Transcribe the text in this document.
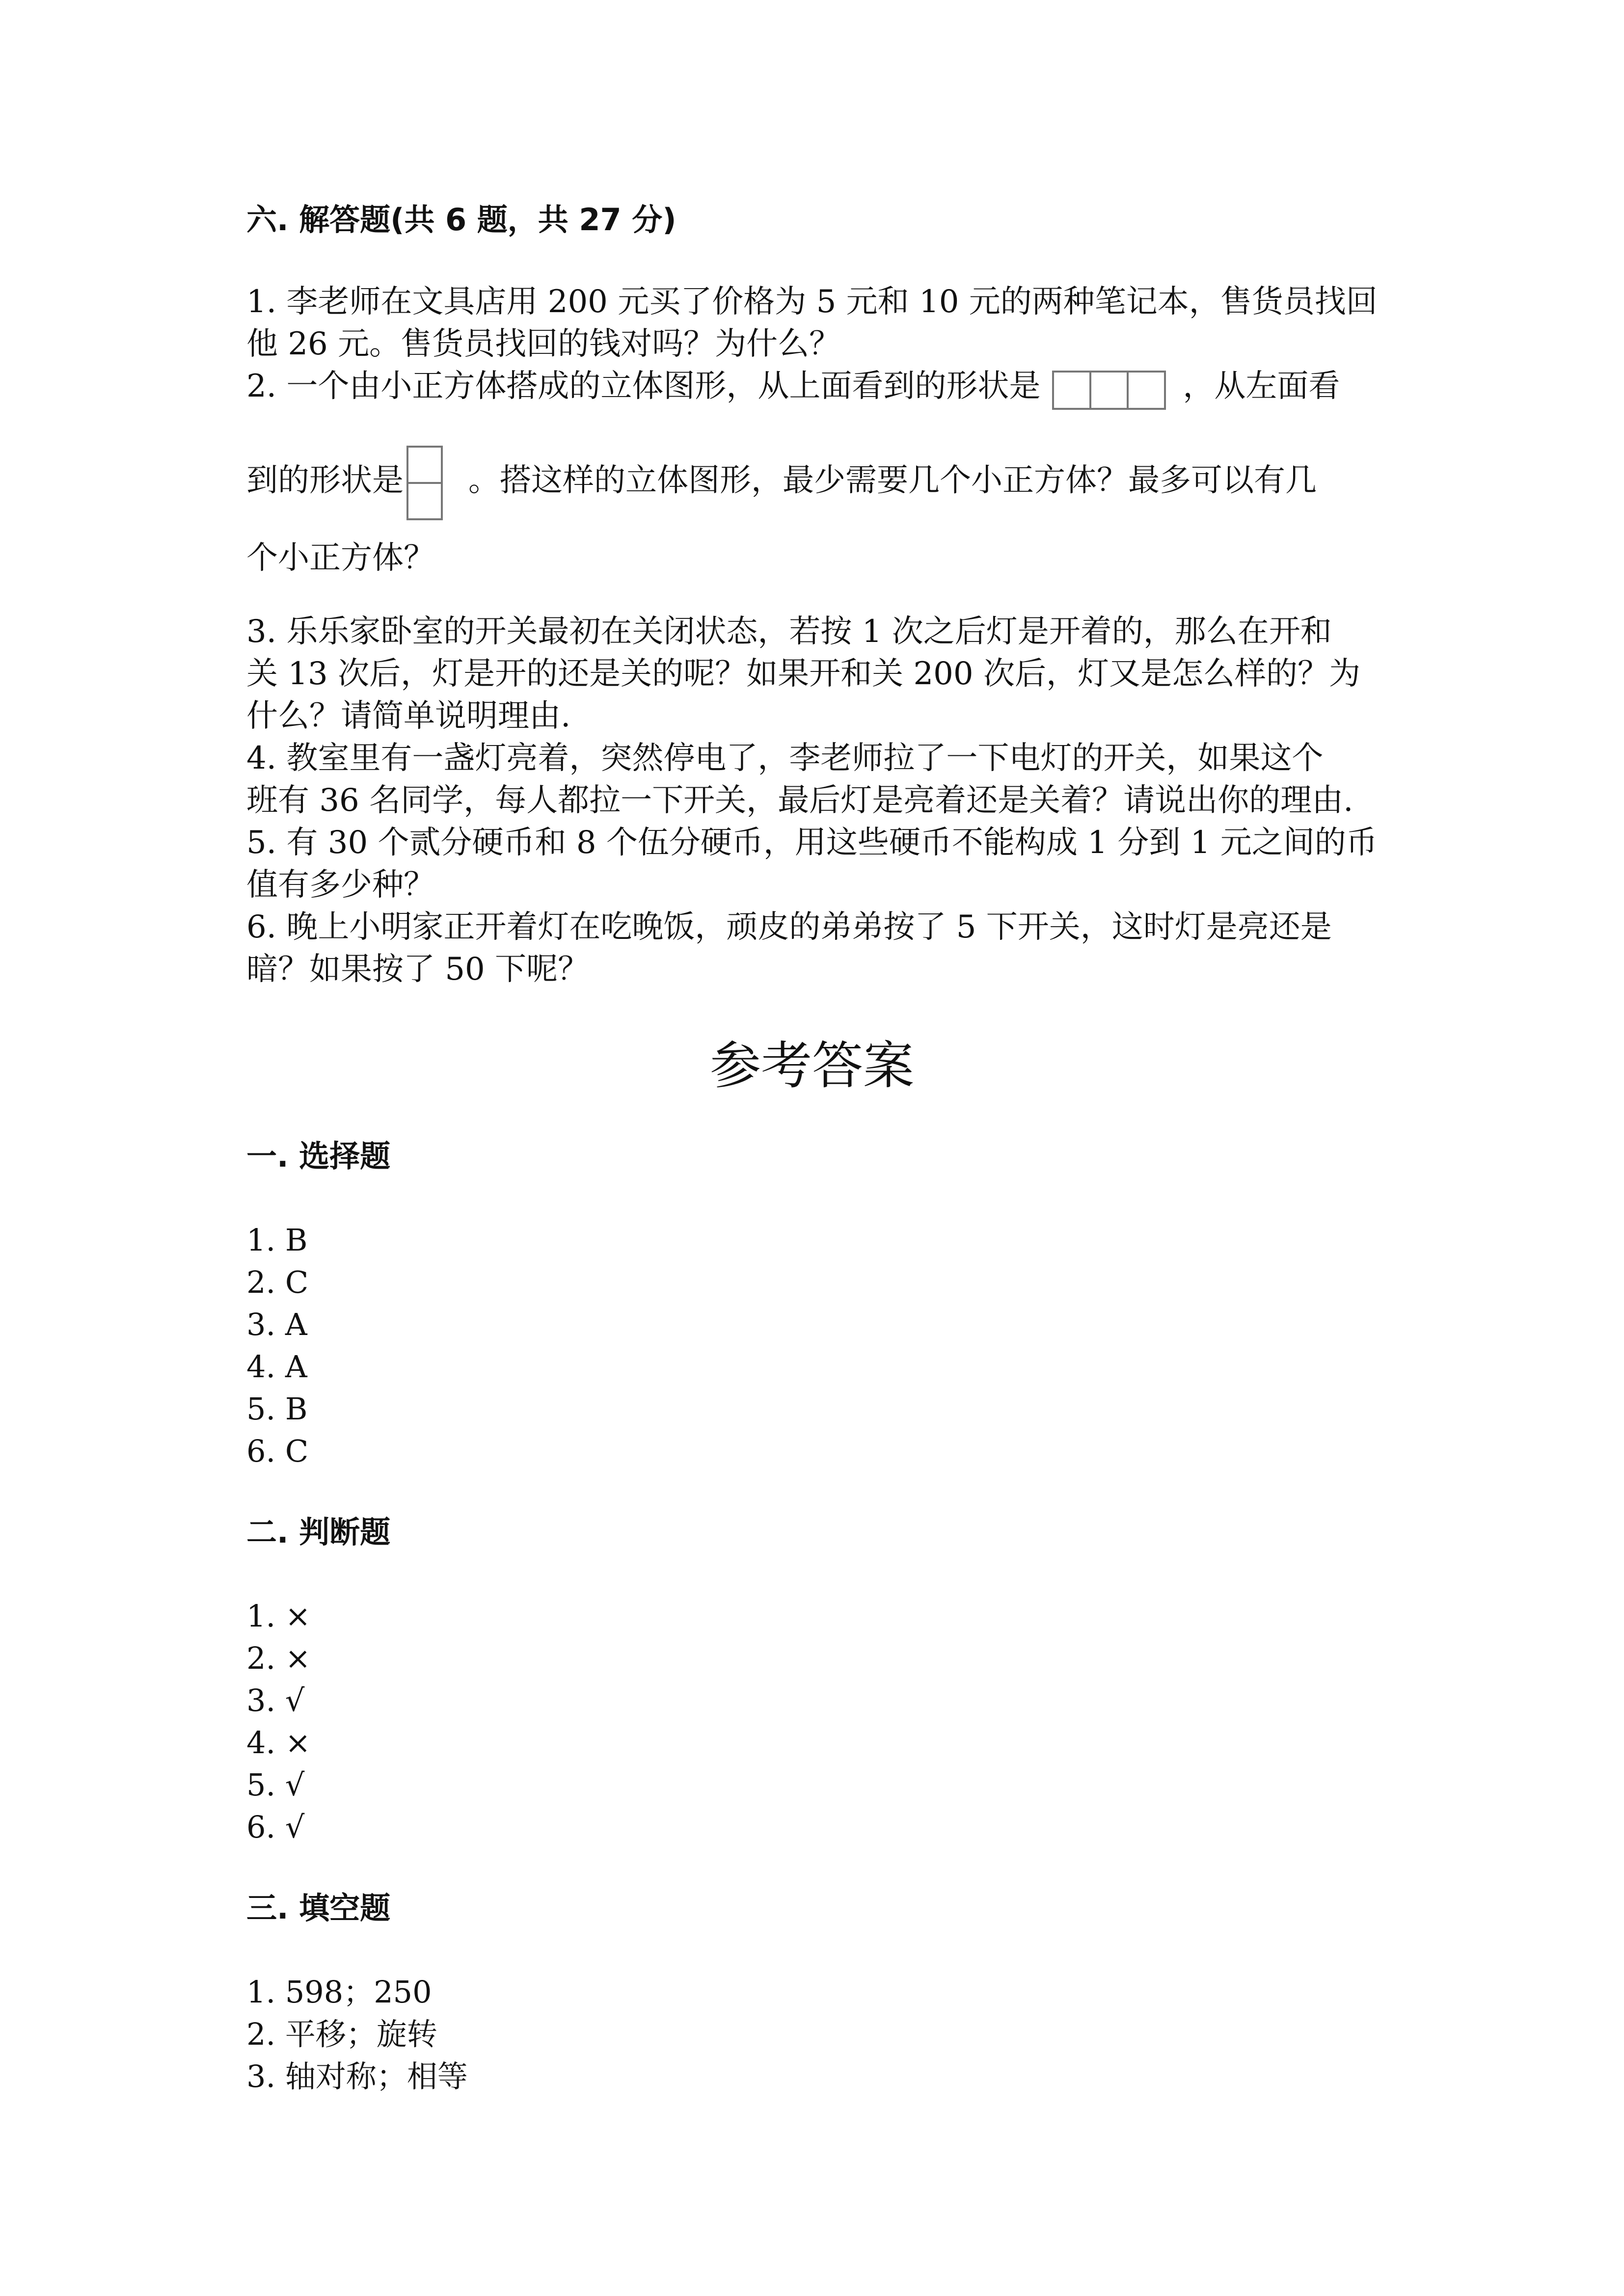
六. 解答题(共 6 题，共 27 分)
1. 李老师在文具店用 200 元买了价格为 5 元和 10 元的两种笔记本，售货员找回
他 26 元。售货员找回的钱对吗？为什么？
2. 一个由小正方体搭成的立体图形，从上面看到的形状是	，从左面看
到的形状是 。搭这样的立体图形，最少需要几个小正方体？最多可以有几
个小正方体？
3. 乐乐家卧室的开关最初在关闭状态，若按 1 次之后灯是开着的，那么在开和
关 13 次后，灯是开的还是关的呢？如果开和关 200 次后，灯又是怎么样的？为
什么？请简单说明理由.
4. 教室里有一盏灯亮着，突然停电了，李老师拉了一下电灯的开关，如果这个
班有 36 名同学，每人都拉一下开关，最后灯是亮着还是关着？请说出你的理由.
5. 有 30 个贰分硬币和 8 个伍分硬币，用这些硬币不能构成 1 分到 1 元之间的币
值有多少种？
6. 晚上小明家正开着灯在吃晚饭，顽皮的弟弟按了 5 下开关，这时灯是亮还是
暗？如果按了 50 下呢？
参考答案
一. 选择题
1. B
2. C
3. A
4. A
5. B
6. C
二. 判断题
1. ×
2. ×
3. √
4. ×
5. √
6. √
三. 填空题
1. 598；250
2. 平移；旋转
3. 轴对称；相等
